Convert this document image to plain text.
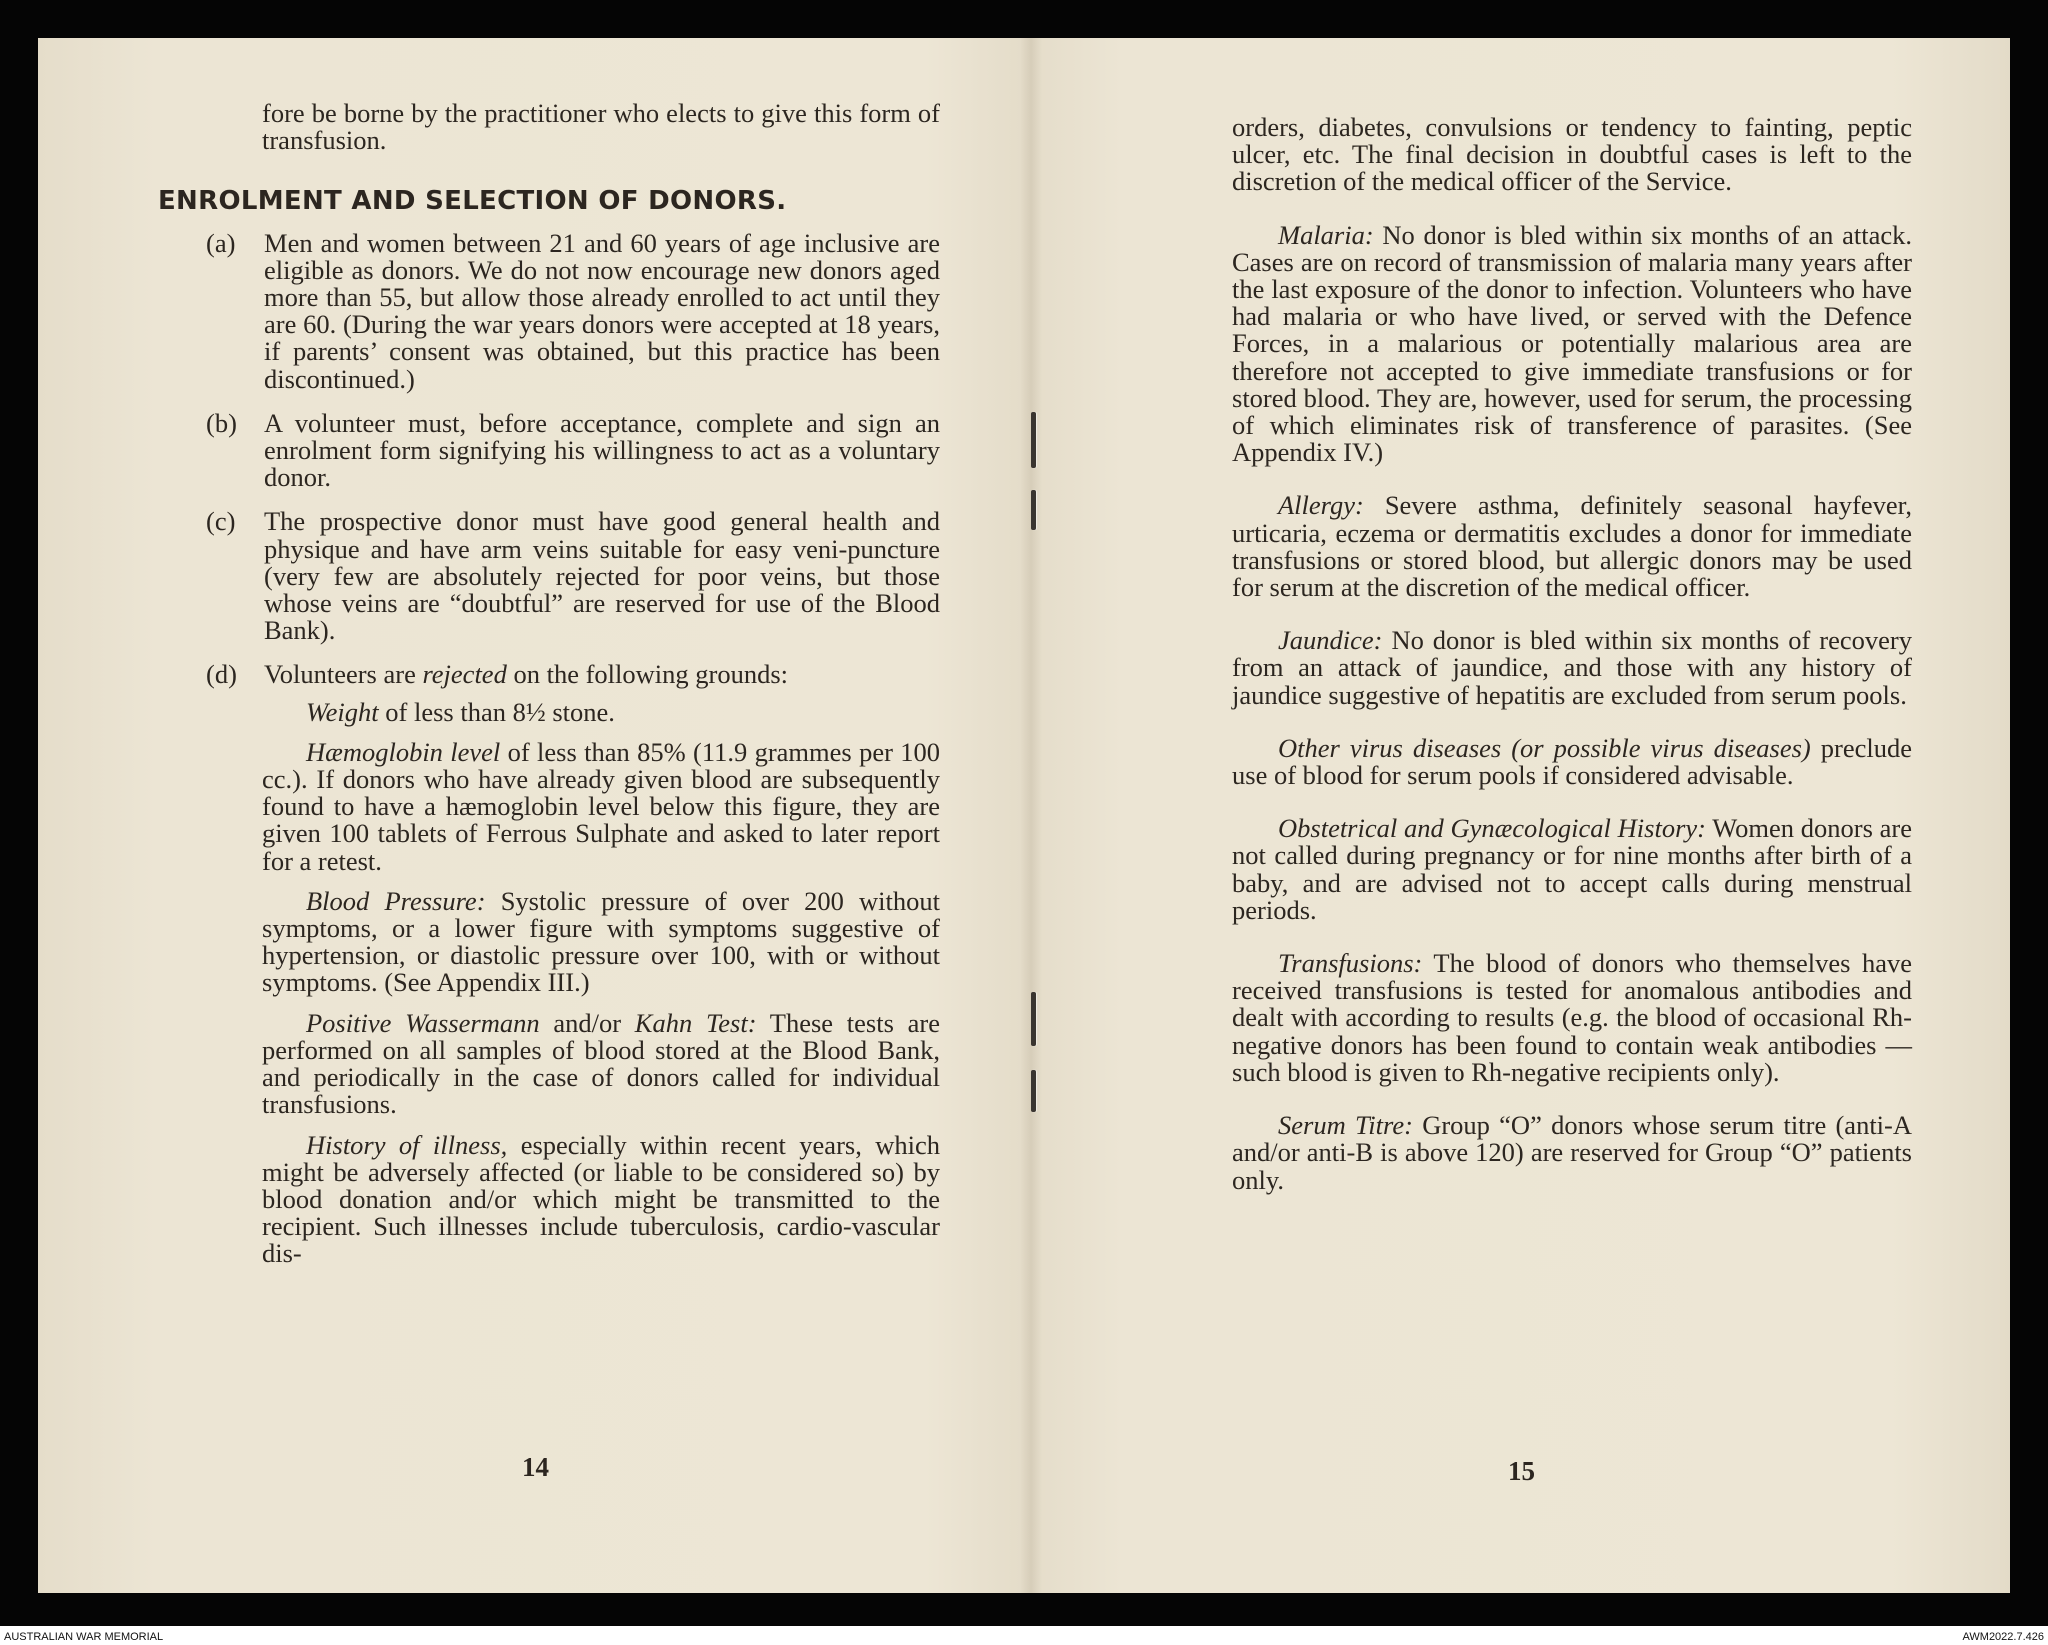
fore be borne by the practitioner who elects to give this form of transfusion.

ENROLMENT AND SELECTION OF DONORS.

(a)	Men and women between 21 and 60 years of age inclusive are eligible as donors. We do not now encourage new donors aged more than 55, but allow those already enrolled to act until they are 60. (During the war years donors were accepted at 18 years, if parents’ consent was obtained, but this practice has been discontinued.)
(b)	A volunteer must, before acceptance, complete and sign an enrolment form signifying his willingness to act as a voluntary donor.
(c)	The prospective donor must have good general health and physique and have arm veins suitable for easy veni-puncture (very few are absolutely rejected for poor veins, but those whose veins are “doubtful” are reserved for use of the Blood Bank).
(d)	Volunteers are rejected on the following grounds:

Weight of less than 8½ stone.

Hæmoglobin level of less than 85% (11.9 grammes per 100 cc.). If donors who have already given blood are subsequently found to have a hæmoglobin level below this figure, they are given 100 tablets of Ferrous Sulphate and asked to later report for a retest.

Blood Pressure: Systolic pressure of over 200 without symptoms, or a lower figure with symptoms suggestive of hypertension, or diastolic pressure over 100, with or without symptoms. (See Appendix III.)

Positive Wassermann and/or Kahn Test: These tests are performed on all samples of blood stored at the Blood Bank, and periodically in the case of donors called for individual transfusions.

History of illness, especially within recent years, which might be adversely affected (or liable to be considered so) by blood donation and/or which might be transmitted to the recipient. Such illnesses include tuberculosis, cardio-vascular dis-

14

orders, diabetes, convulsions or tendency to fainting, peptic ulcer, etc. The final decision in doubtful cases is left to the discretion of the medical officer of the Service.

Malaria: No donor is bled within six months of an attack. Cases are on record of transmission of malaria many years after the last exposure of the donor to infection. Volunteers who have had malaria or who have lived, or served with the Defence Forces, in a malarious or potentially malarious area are therefore not accepted to give immediate transfusions or for stored blood. They are, however, used for serum, the processing of which eliminates risk of transference of parasites. (See Appendix IV.)

Allergy: Severe asthma, definitely seasonal hayfever, urticaria, eczema or dermatitis excludes a donor for immediate transfusions or stored blood, but allergic donors may be used for serum at the discretion of the medical officer.

Jaundice: No donor is bled within six months of recovery from an attack of jaundice, and those with any history of jaundice suggestive of hepatitis are excluded from serum pools.

Other virus diseases (or possible virus diseases) preclude use of blood for serum pools if considered advisable.

Obstetrical and Gynæcological History: Women donors are not called during pregnancy or for nine months after birth of a baby, and are advised not to accept calls during menstrual periods.

Transfusions: The blood of donors who themselves have received transfusions is tested for anomalous antibodies and dealt with according to results (e.g. the blood of occasional Rh-negative donors has been found to contain weak antibodies —such blood is given to Rh-negative recipients only).

Serum Titre: Group “O” donors whose serum titre (anti-A and/or anti-B is above 120) are reserved for Group “O” patients only.

15
AUSTRALIAN WAR MEMORIAL	AWM2022.7.426
